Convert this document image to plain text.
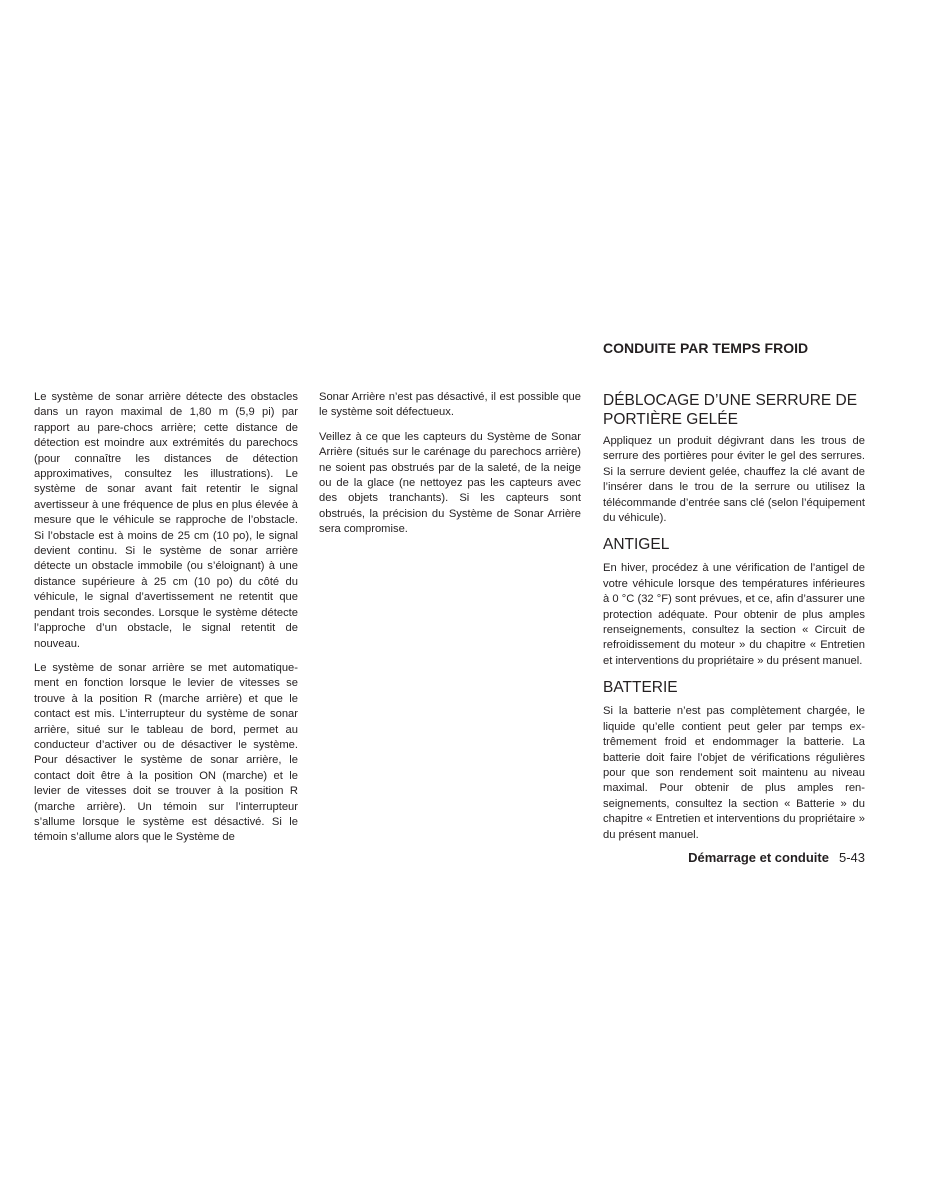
CONDUITE PAR TEMPS FROID

Le système de sonar arrière détecte des obstacles dans un rayon maximal de 1,80 m (5,9 pi) par rapport au pare-chocs arrière; cette distance de détection est moindre aux extrémités du parechocs (pour connaître les distances de détection approximatives, consultez les illustrations). Le système de sonar avant fait retentir le signal avertisseur à une fréquence de plus en plus élevée à mesure que le véhicule se rapproche de l’obstacle. Si l’obstacle est à moins de 25 cm (10 po), le signal devient continu. Si le système de sonar arrière détecte un obstacle immobile (ou s’éloignant) à une distance supérieure à 25 cm (10 po) du côté du véhicule, le signal d’avertissement ne retentit que pendant trois secondes. Lorsque le système détecte l’approche d’un obstacle, le signal retentit de nouveau.

Le système de sonar arrière se met automatiquement en fonction lorsque le levier de vitesses se trouve à la position R (marche arrière) et que le contact est mis. L’interrupteur du système de sonar arrière, situé sur le tableau de bord, permet au conducteur d’activer ou de désactiver le système. Pour désactiver le système de sonar arrière, le contact doit être à la position ON (marche) et le levier de vitesses doit se trouver à la position R (marche arrière). Un témoin sur l’interrupteur s’allume lorsque le système est désactivé. Si le témoin s’allume alors que le Système de

Sonar Arrière n’est pas désactivé, il est possible que le système soit défectueux.

Veillez à ce que les capteurs du Système de Sonar Arrière (situés sur le carénage du parechocs arrière) ne soient pas obstrués par de la saleté, de la neige ou de la glace (ne nettoyez pas les capteurs avec des objets tranchants). Si les capteurs sont obstrués, la précision du Système de Sonar Arrière sera compromise.

DÉBLOCAGE D’UNE SERRURE DE PORTIÈRE GELÉE

Appliquez un produit dégivrant dans les trous de serrure des portières pour éviter le gel des serrures. Si la serrure devient gelée, chauffez la clé avant de l’insérer dans le trou de la serrure ou utilisez la télécommande d’entrée sans clé (selon l’équipement du véhicule).

ANTIGEL

En hiver, procédez à une vérification de l’antigel de votre véhicule lorsque des températures inférieures à 0 °C (32 °F) sont prévues, et ce, afin d’assurer une protection adéquate. Pour obtenir de plus amples renseignements, consultez la section « Circuit de refroidissement du moteur » du chapitre « Entretien et interventions du propriétaire » du présent manuel.

BATTERIE

Si la batterie n’est pas complètement chargée, le liquide qu’elle contient peut geler par temps extrêmement froid et endommager la batterie. La batterie doit faire l’objet de vérifications régulières pour que son rendement soit maintenu au niveau maximal. Pour obtenir de plus amples renseignements, consultez la section « Batterie » du chapitre « Entretien et interventions du propriétaire » du présent manuel.

Démarrage et conduite 5-43
